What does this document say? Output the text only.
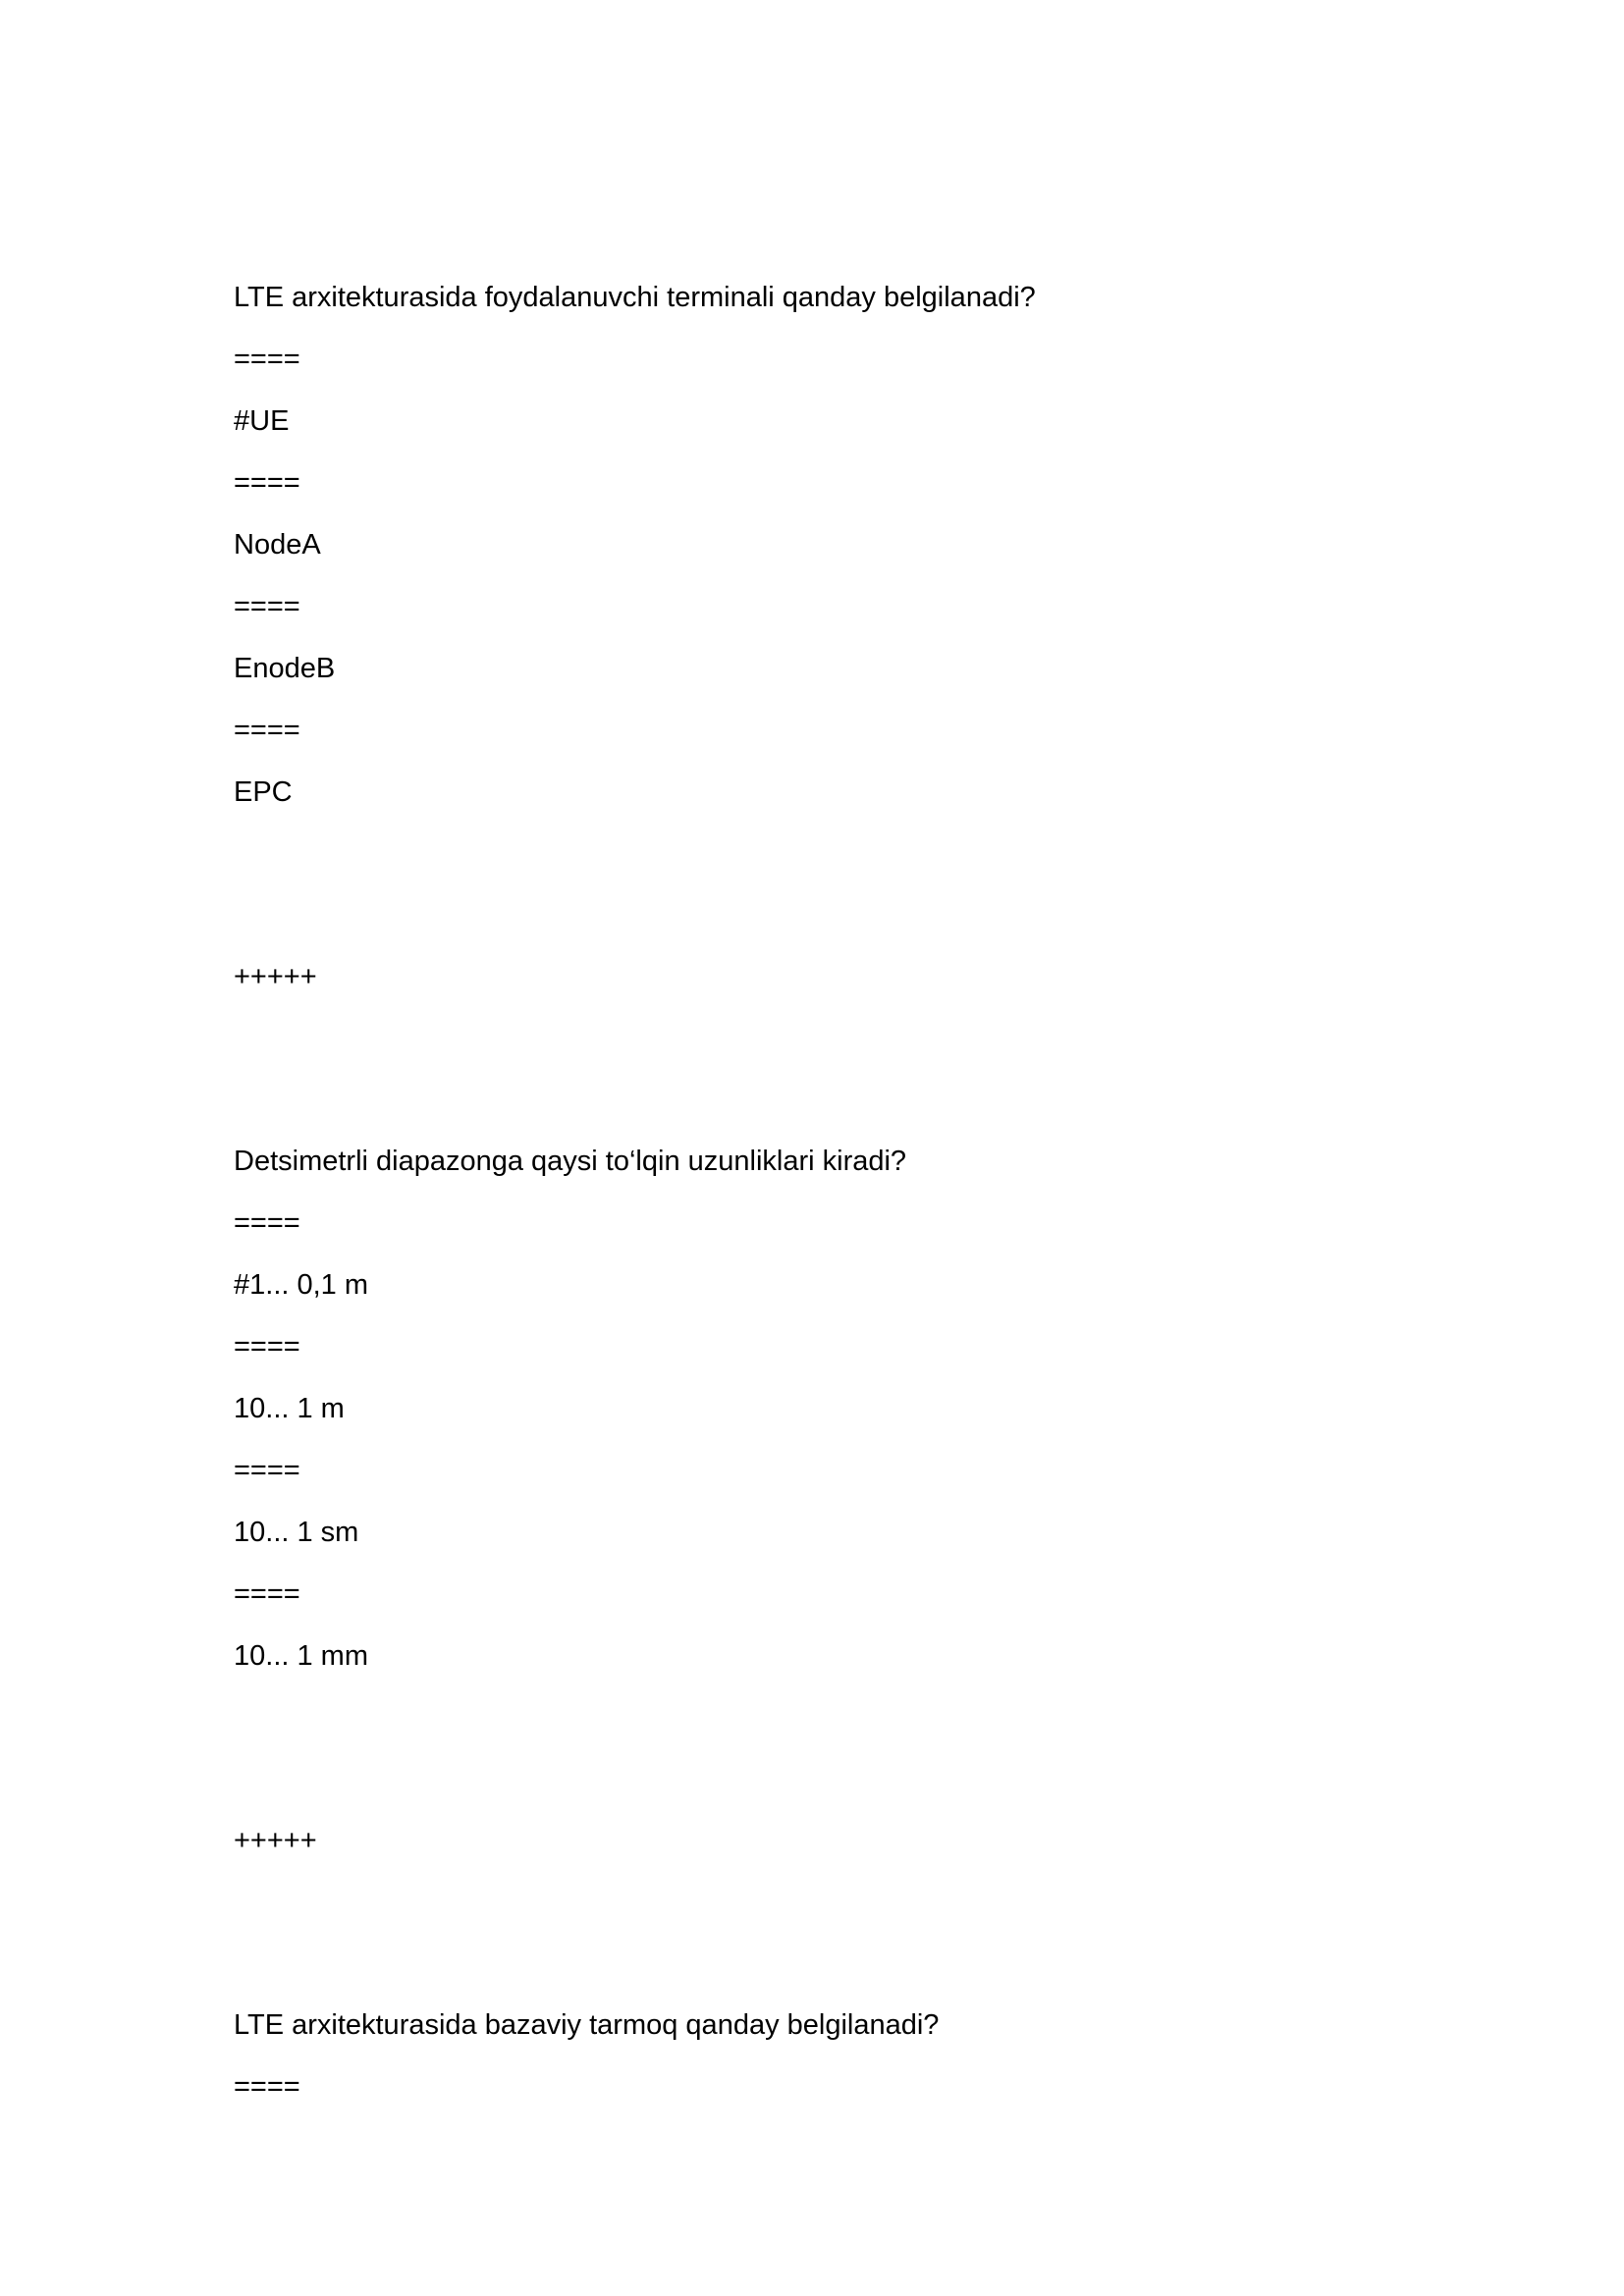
LTE arxitekturasida foydalanuvchi terminali qanday belgilanadi?
====
#UE
====
NodeA
====
EnodeB
====
EPC
+++++
Detsimetrli diapazonga qaysi to‘lqin uzunliklari kiradi?
====
#1... 0,1 m
====
10... 1 m
====
10... 1 sm
====
10... 1 mm
+++++
LTE arxitekturasida bazaviy tarmoq qanday belgilanadi?
====
